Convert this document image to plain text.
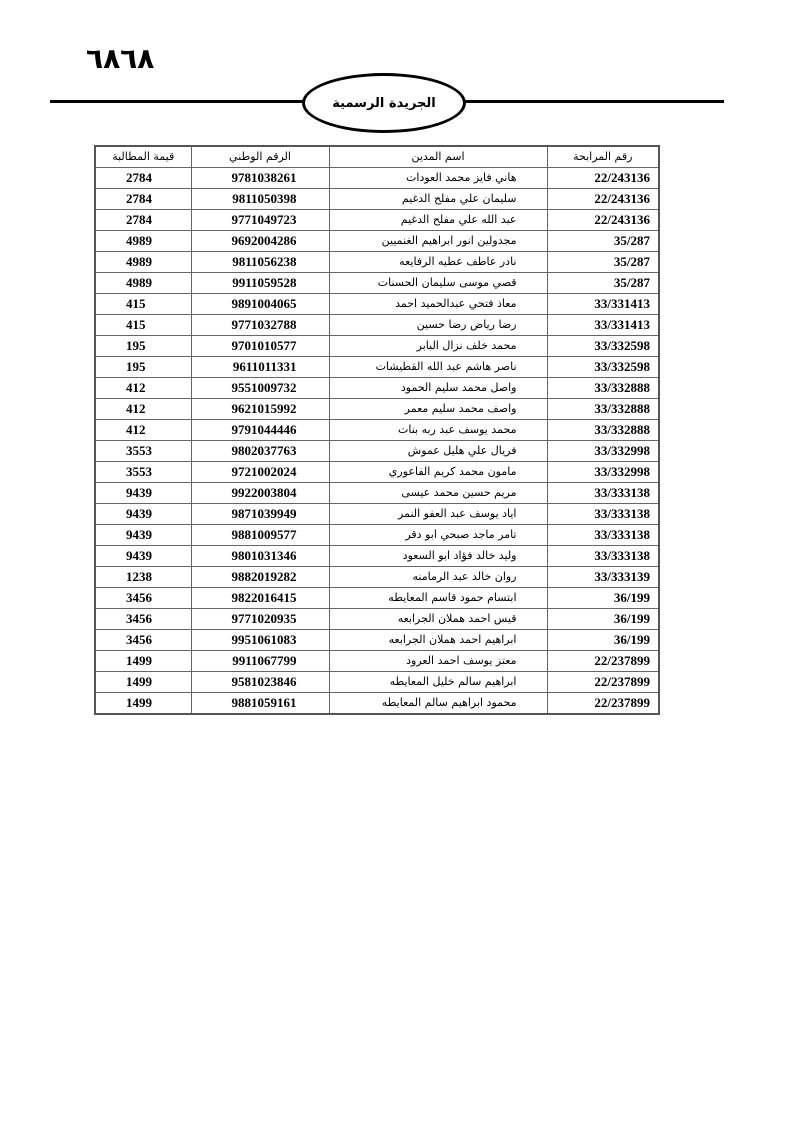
٦٨٦٨
الجريدة الرسمية
قيمة المطالبة	الرقم الوطني	اسم المدين	رقم المرابحة
2784	9781038261	هاني فايز محمد العودات	22/243136
2784	9811050398	سليمان علي مفلح الدغيم	22/243136
2784	9771049723	عبد الله علي مفلح الدغيم	22/243136
4989	9692004286	مجدولين انور ابراهيم الغنميين	35/287
4989	9811056238	نادر عاطف عطيه الرفايعه	35/287
4989	9911059528	قصي موسى سليمان الحسنات	35/287
415	9891004065	معاذ فتحي عبدالحميد احمد	33/331413
415	9771032788	رضا رياض رضا حسين	33/331413
195	9701010577	محمد خلف نزال البابر	33/332598
195	9611011331	ناصر هاشم عبد الله القطيشات	33/332598
412	9551009732	واصل محمد سليم الحمود	33/332888
412	9621015992	واصف محمد سليم معمر	33/332888
412	9791044446	محمد يوسف عبد ربه بنات	33/332888
3553	9802037763	فريال علي هليل عموش	33/332998
3553	9721002024	مامون محمد كريم الفاعوري	33/332998
9439	9922003804	مريم حسين محمد عيسى	33/333138
9439	9871039949	اياد يوسف عبد العفو النمر	33/333138
9439	9881009577	تامر ماجد صبحي ابو دقر	33/333138
9439	9801031346	وليد خالد فؤاد ابو السعود	33/333138
1238	9882019282	روان خالد عبد الرمامنه	33/333139
3456	9822016415	ابتسام حمود قاسم المعايطه	36/199
3456	9771020935	قيس احمد هملان الجرابعه	36/199
3456	9951061083	ابراهيم احمد هملان الجرابعه	36/199
1499	9911067799	معتز يوسف احمد العرود	22/237899
1499	9581023846	ابراهيم سالم خليل المعايطه	22/237899
1499	9881059161	محمود ابراهيم سالم المعايطه	22/237899
